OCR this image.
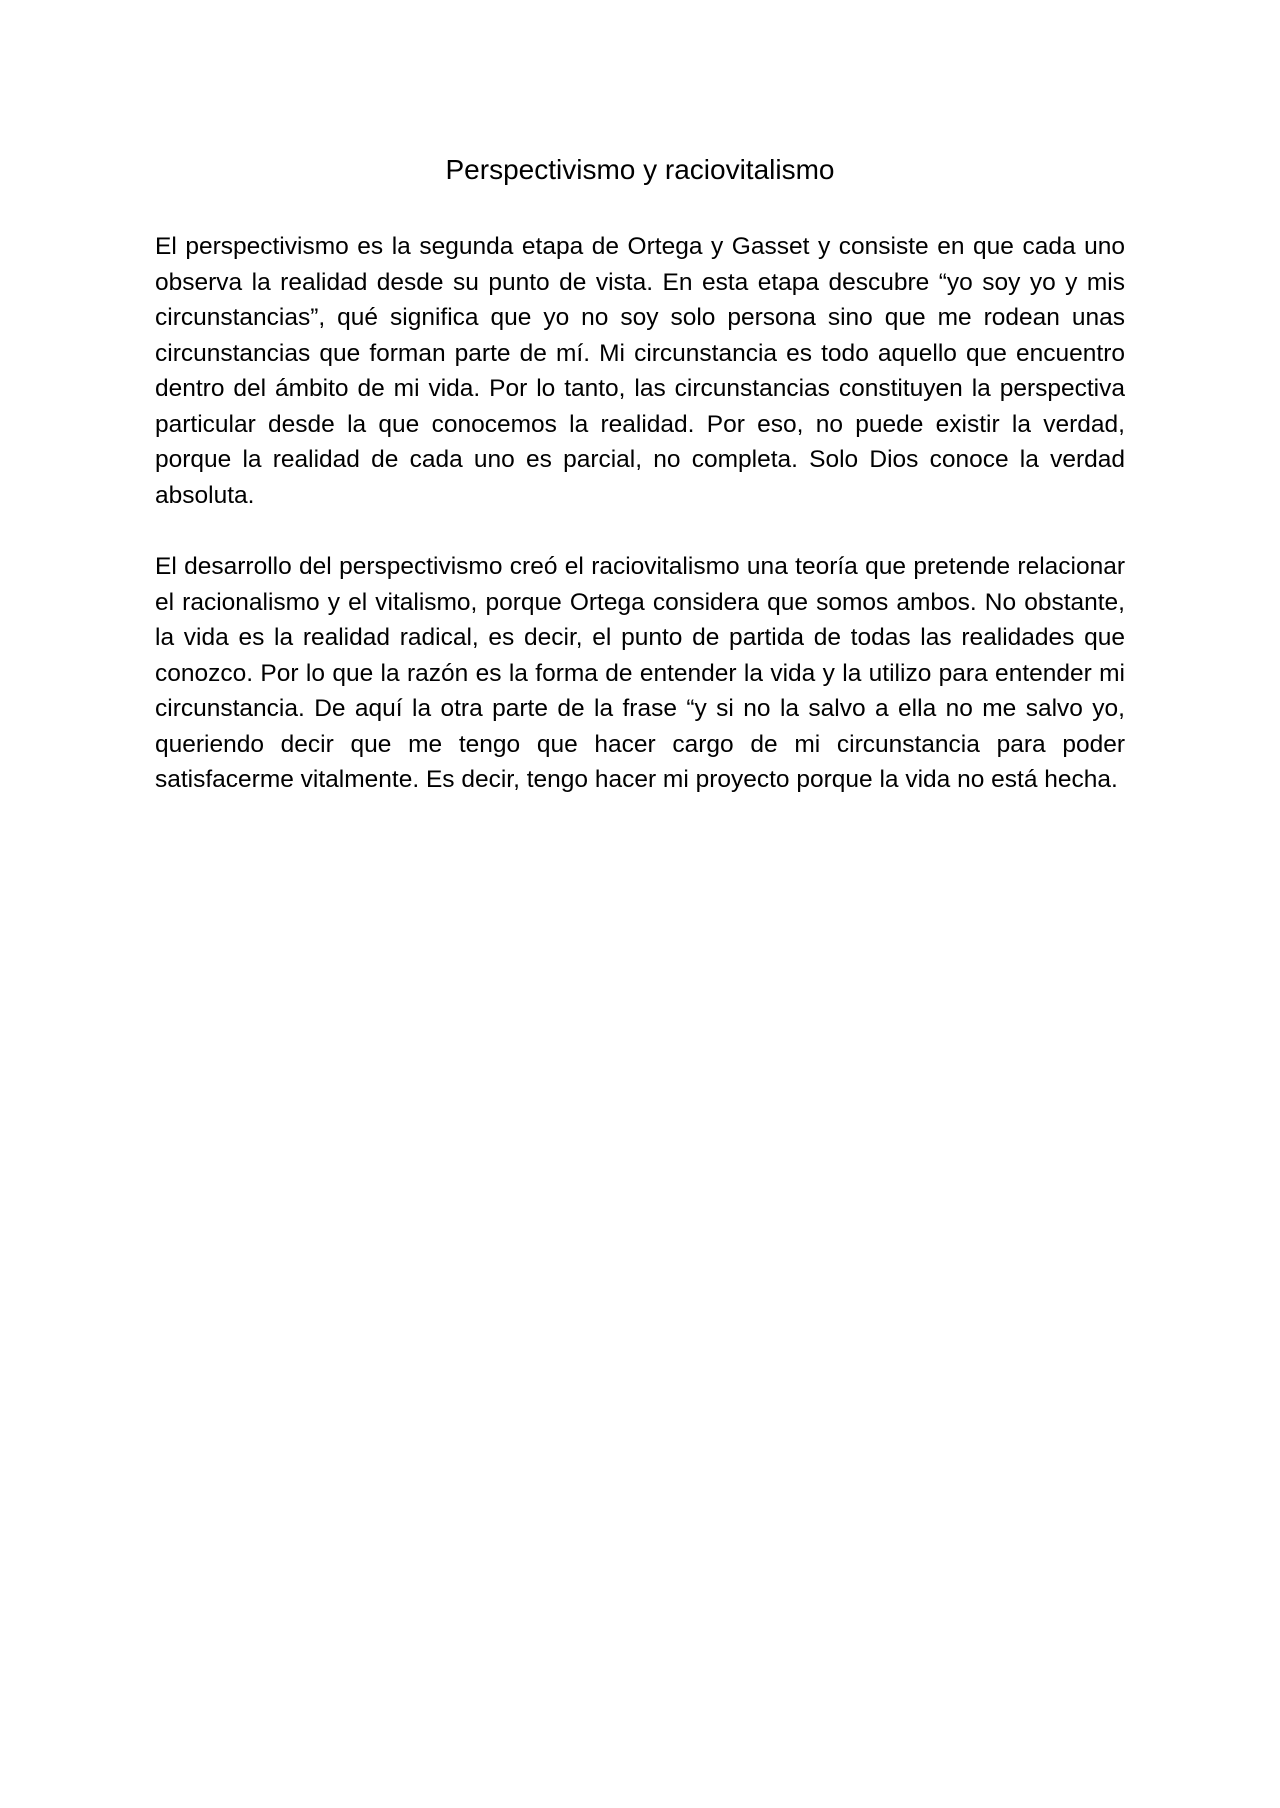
Perspectivismo y raciovitalismo

El perspectivismo es la segunda etapa de Ortega y Gasset y consiste en que cada uno observa la realidad desde su punto de vista. En esta etapa descubre “yo soy yo y mis circunstancias”, qué significa que yo no soy solo persona sino que me rodean unas circunstancias que forman parte de mí. Mi circunstancia es todo aquello que encuentro dentro del ámbito de mi vida. Por lo tanto, las circunstancias constituyen la perspectiva particular desde la que conocemos la realidad. Por eso, no puede existir la verdad, porque la realidad de cada uno es parcial, no completa. Solo Dios conoce la verdad absoluta.

El desarrollo del perspectivismo creó el raciovitalismo una teoría que pretende relacionar el racionalismo y el vitalismo, porque Ortega considera que somos ambos. No obstante, la vida es la realidad radical, es decir, el punto de partida de todas las realidades que conozco. Por lo que la razón es la forma de entender la vida y la utilizo para entender mi circunstancia. De aquí la otra parte de la frase “y si no la salvo a ella no me salvo yo, queriendo decir que me tengo que hacer cargo de mi circunstancia para poder satisfacerme vitalmente. Es decir, tengo hacer mi proyecto porque la vida no está hecha.
